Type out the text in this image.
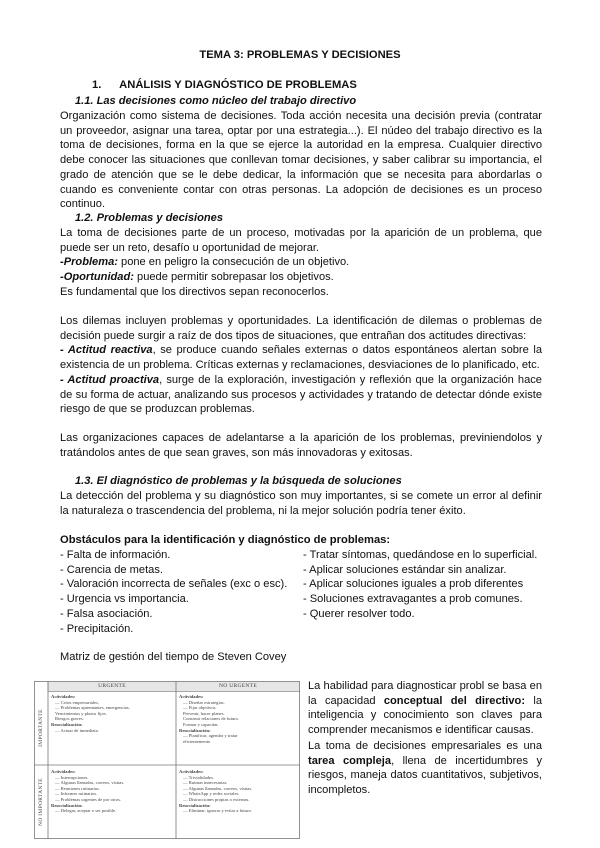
TEMA 3: PROBLEMAS Y DECISIONES
1. ANÁLISIS Y DIAGNÓSTICO DE PROBLEMAS
1.1. Las decisiones como núcleo del trabajo directivo

Organización como sistema de decisiones. Toda acción necesita una decisión previa (contratar un proveedor, asignar una tarea, optar por una estrategia...). El núdeo del trabajo directivo es la toma de decisiones, forma en la que se ejerce la autoridad en la empresa. Cualquier directivo debe conocer las situaciones que conllevan tomar decisiones, y saber calibrar su importancia, el grado de atención que se le debe dedicar, la información que se necesita para abordarlas o cuando es conveniente contar con otras personas. La adopción de decisiones es un proceso continuo.

1.2. Problemas y decisiones

La toma de decisiones parte de un proceso, motivadas por la aparición de un problema, que puede ser un reto, desafío u oportunidad de mejorar.

-Problema: pone en peligro la consecución de un objetivo.
-Oportunidad: puede permitir sobrepasar los objetivos.
Es fundamental que los directivos sepan reconocerlos.

Los dilemas incluyen problemas y oportunidades. La identificación de dilemas o problemas de decisión puede surgir a raíz de dos tipos de situaciones, que entrañan dos actitudes directivas:

- Actitud reactiva, se produce cuando señales externas o datos espontáneos alertan sobre la existencia de un problema. Críticas externas y reclamaciones, desviaciones de lo planificado, etc.

- Actitud proactiva, surge de la exploración, investigación y reflexión que la organización hace de su forma de actuar, analizando sus procesos y actividades y tratando de detectar dónde existe riesgo de que se produzcan problemas.

Las organizaciones capaces de adelantarse a la aparición de los problemas, previniendolos y tratándolos antes de que sean graves, son más innovadoras y exitosas.

1.3. El diagnóstico de problemas y la búsqueda de soluciones

La detección del problema y su diagnóstico son muy importantes, si se comete un error al definir la naturaleza o trascendencia del problema, ni la mejor solución podría tener éxito.

Obstáculos para la identificación y diagnóstico de problemas:
- Falta de información.
- Carencia de metas.
- Valoración incorrecta de señales (exc o esc).
- Urgencia vs importancia.
- Falsa asociación.
- Precipitación.
- Tratar síntomas, quedándose en lo superficial.
- Aplicar soluciones estándar sin analizar.
- Aplicar soluciones iguales a prob diferentes
- Soluciones extravagantes a prob comunes.
- Querer resolver todo.
Matriz de gestión del tiempo de Steven Covey
URGENTE	NO URGENTE
IMPORTANTE
NO IMPORTANTE
Actividades:
— Crisis empresariales.
— Problemas apremiantes, emergencias.
Vencimientos y plazos fijos.
Riesgos graves.
Resocialización:
— Actuar de inmediato.
Actividades:
— Diseñar estrategias.
— Fijar objetivos.
Prevenir, hacer planes.
Construir relaciones de futuro.
Formar y capacitar.
Resocialización:
— Planificar, agendar y tratar
eficientemente.
Actividades:
— Interrupciones.
— Algunas llamadas, correos, visitas.
— Reuniones rutinarias.
— Informes rutinarios.
— Problemas urgentes de por otros.
Resocialización:
— Delegar, aceptar o ser posible.
Actividades:
— Trivialidades.
— Rutinas innecesarias.
— Algunas llamadas, correos, visitas.
— WhatsApp y redes sociales.
— Distracciones propias o externas.
Resocialización:
— Eliminar, ignorar y evitar a futuro.

La habilidad para diagnosticar probl se basa en la capacidad conceptual del directivo: la inteligencia y conocimiento son claves para comprender mecanismos e identificar causas.

La toma de decisiones empresariales es una tarea compleja, llena de incertidumbres y riesgos, maneja datos cuantitativos, subjetivos, incompletos.
